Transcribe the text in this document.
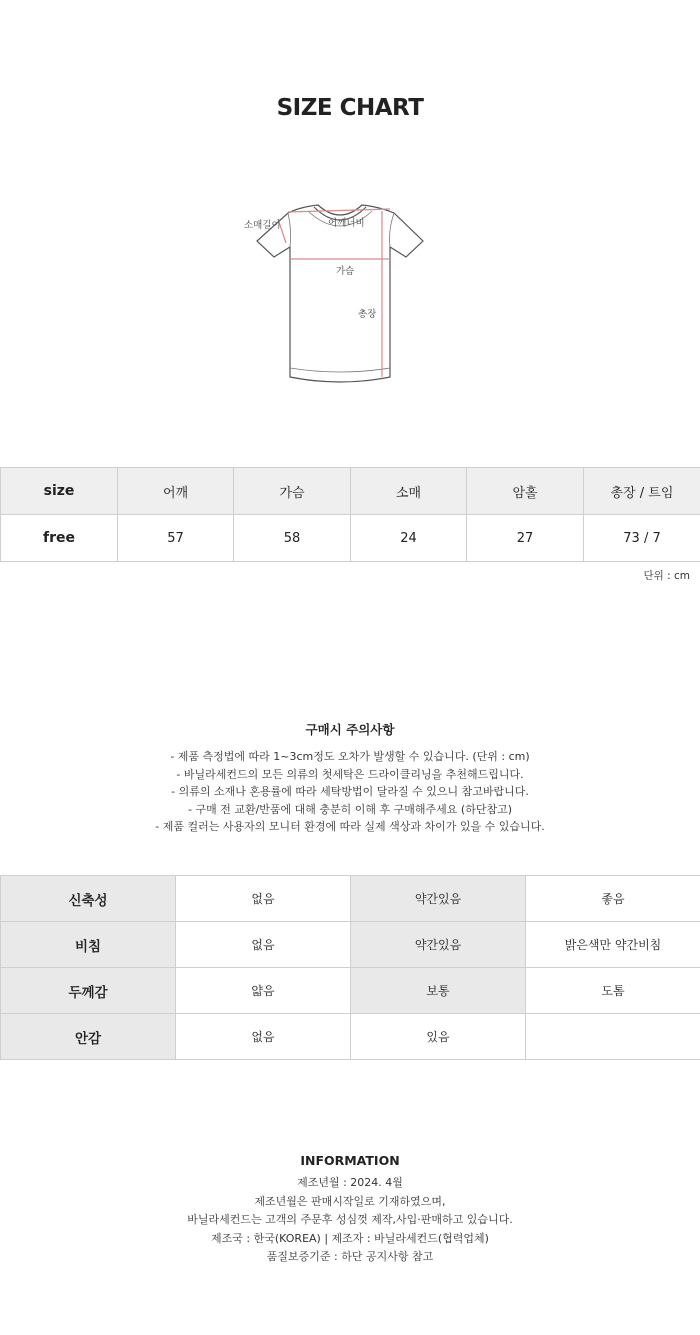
SIZE CHART
소매길이	어깨너비
가슴
총장
size	어깨	가슴	소매	암홀	총장 / 트임
free	57	58	24	27	73 / 7
단위 : cm
구매시 주의사항
- 제품 측정법에 따라 1~3cm정도 오차가 발생할 수 있습니다. (단위 : cm)
- 바닐라세컨드의 모든 의류의 첫세탁은 드라이클리닝을 추천해드립니다.
- 의류의 소재나 혼용률에 따라 세탁방법이 달라질 수 있으니 참고바랍니다.
- 구매 전 교환/반품에 대해 충분히 이해 후 구매해주세요 (하단참고)
- 제품 컬러는 사용자의 모니터 환경에 따라 실제 색상과 차이가 있을 수 있습니다.
신축성	없음	약간있음	좋음
비침	없음	약간있음	밝은색만 약간비침
두께감	얇음	보통	도톰
안감	없음	있음	
INFORMATION
제조년월 : 2024. 4월
제조년월은 판매시작일로 기재하였으며,
바닐라세컨드는 고객의 주문후 성심껏 제작,사입·판매하고 있습니다.
제조국 : 한국(KOREA) | 제조자 : 바닐라세컨드(협력업체)
품질보증기준 : 하단 공지사항 참고
